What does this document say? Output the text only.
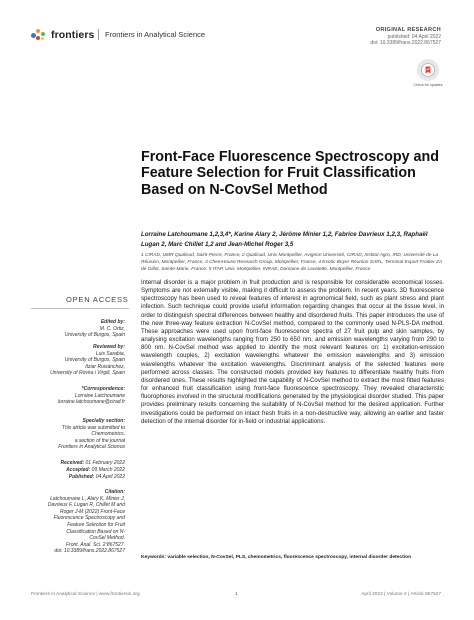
frontiers Frontiers in Analytical Science	ORIGINAL RESEARCH
published: 04 April 2022
doi: 10.3389/frans.2022.867527
Check for updates
Front-Face Fluorescence Spectroscopy and Feature Selection for Fruit Classification Based on N-CovSel Method
Lorraine Latchoumane 1,2,3,4*, Karine Alary 2, Jérôme Minier 1,2, Fabrice Davrieux 1,2,3, Raphaël Lugan 2, Marc Chillet 1,2 and Jean-Michel Roger 3,5
1 CIRAD, UMR Qualisud, Saint-Pierre, France, 2 Qualisud, Univ Montpellier, Avignon Université, CIRAD, Institut Agro, IRD, Université de La Réunion, Montpellier, France, 3 ChemHouse Research Group, Montpellier, France, 4 Exotic Boyer Réunion SARL, Terminal Export Fruitier ZA de Gillot, Sainte-Marie, France, 5 ITAP, Univ. Montpellier, INRAE, Domaine de Lavalette, Montpellier, France
OPEN ACCESS
Edited by:
M. C. Ortiz,
University of Burgos, Spain
Reviewed by:
Luis Sarabia,
University of Burgos, Spain
Itziar Ruisánchez,
University of Rovira i Virgili, Spain
*Correspondence:
Lorraine Latchoumane
lorraine.latchoumane@cirad.fr
Specialty section:
This article was submitted to
Chemometrics,
a section of the journal
Frontiers in Analytical Science
Received: 01 February 2022
Accepted: 09 March 2022
Published: 04 April 2022
Citation:
Latchoumane L, Alary K, Minier J,
Davrieux F, Lugan R, Chillet M and
Roger J-M (2022) Front-Face
Fluorescence Spectroscopy and
Feature Selection for Fruit
Classification Based on N-
CovSel Method.
Front. Anal. Sci. 2:867527.
doi: 10.3389/frans.2022.867527
Internal disorder is a major problem in fruit production and is responsible for considerable economical losses. Symptoms are not externally visible, making it difficult to assess the problem. In recent years, 3D fluorescence spectroscopy has been used to reveal features of interest in agronomical field, such as plant stress and plant infection. Such technique could provide useful information regarding changes that occur at the tissue level, in order to distinguish spectral differences between healthy and disordered fruits. This paper introduces the use of the new three-way feature extraction N-CovSel method, compared to the commonly used N-PLS-DA method. These approaches were used upon front-face fluorescence spectra of 27 fruit pulp and skin samples, by analysing excitation wavelengths ranging from 250 to 650 nm, and emission wavelengths varying from 290 to 800 nm. N-CovSel method was applied to identify the most relevant features on: 1) excitation-emission wavelength couples, 2) excitation wavelengths whatever the emission wavelengths and 3) emission wavelengths whatever the excitation wavelengths. Discriminant analysis of the selected features were performed across classes. The constructed models provided key features to differentiate healthy fruits from disordered ones. These results highlighted the capability of N-CovSel method to extract the most fitted features for enhanced fruit classification using front-face fluorescence spectroscopy. They revealed characteristic fluorophores involved in the structural modifications generated by the physiological disorder studied. This paper provides preliminary results concerning the suitability of N-CovSel method for the desired application. Further investigations could be performed on intact fresh fruits in a non-destructive way, allowing an earlier and faster detection of the internal disorder for in-field or industrial applications.
Keywords: variable selection, N-CovSel, PLS, chemometrics, fluorescence spectroscopy, internal disorder detection
Frontiers in Analytical Science | www.frontiersin.org	1	April 2022 | Volume 2 | Article 867527
